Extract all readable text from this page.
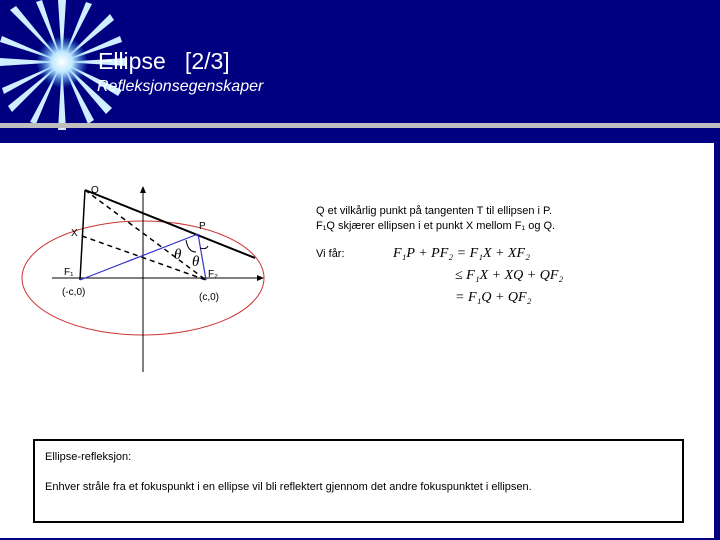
Ellipse   [2/3]
Refleksjonsegenskaper
Q
P
X
F₁	F₂
(-c,0)	(c,0)
θ θ
Q et vilkårlig punkt på tangenten T til ellipsen i P.
F₁Q skjærer ellipsen i et punkt X mellom F₁ og Q.
Vi får:	F₁P + PF₂ = F₁X + XF₂
≤ F₁X + XQ + QF₂
= F₁Q + QF₂
Ellipse-refleksjon:
Enhver stråle fra et fokuspunkt i en ellipse vil bli reflektert gjennom det andre fokuspunktet i ellipsen.
